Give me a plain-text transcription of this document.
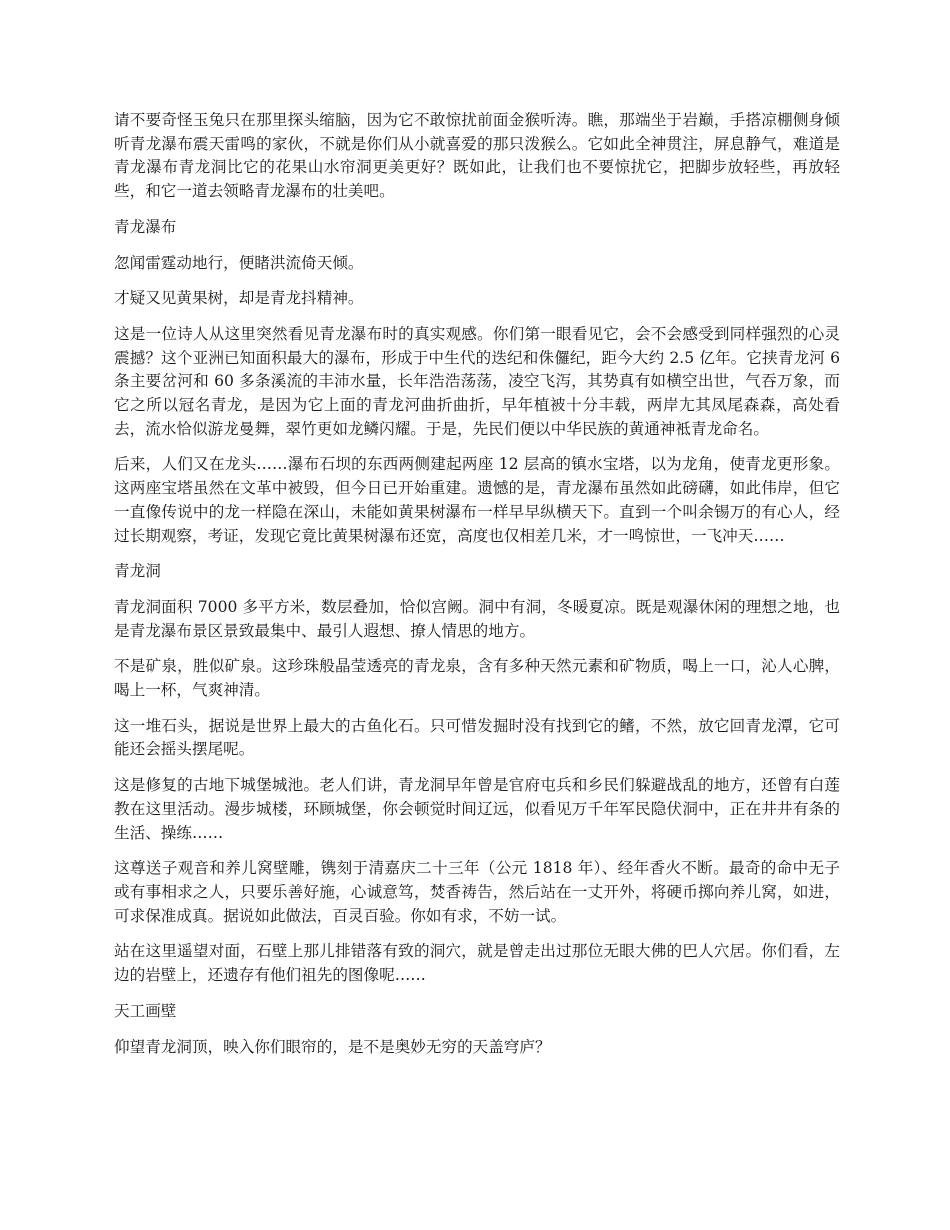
请不要奇怪玉兔只在那里探头缩脑，因为它不敢惊扰前面金猴听涛。瞧，那端坐于岩巅，手搭凉棚侧身倾听青龙瀑布震天雷鸣的家伙，不就是你们从小就喜爱的那只泼猴么。它如此全神贯注，屏息静气，难道是青龙瀑布青龙洞比它的花果山水帘洞更美更好？既如此，让我们也不要惊扰它，把脚步放轻些，再放轻些，和它一道去领略青龙瀑布的壮美吧。

青龙瀑布

忽闻雷霆动地行，便睹洪流倚天倾。

才疑又见黄果树，却是青龙抖精神。

这是一位诗人从这里突然看见青龙瀑布时的真实观感。你们第一眼看见它，会不会感受到同样强烈的心灵震撼？这个亚洲已知面积最大的瀑布，形成于中生代的迭纪和侏儸纪，距今大约 2.5 亿年。它挟青龙河 6 条主要岔河和 60 多条溪流的丰沛水量，长年浩浩荡荡，凌空飞泻，其势真有如横空出世，气吞万象，而它之所以冠名青龙，是因为它上面的青龙河曲折曲折，早年植被十分丰载，两岸尢其凤尾森森，高处看去，流水恰似游龙曼舞，翠竹更如龙鳞闪耀。于是，先民们便以中华民族的黄通神袛青龙命名。

后来，人们又在龙头……瀑布石坝的东西两侧建起两座 12 层高的镇水宝塔，以为龙角，使青龙更形象。这两座宝塔虽然在文革中被毁，但今日已开始重建。遗憾的是，青龙瀑布虽然如此磅礴，如此伟岸，但它一直像传说中的龙一样隐在深山，未能如黄果树瀑布一样早早纵横天下。直到一个叫余锡万的有心人，经过长期观察，考证，发现它竟比黄果树瀑布还宽，高度也仅相差几米，才一鸣惊世，一飞冲天……

青龙洞

青龙洞面积 7000 多平方米，数层叠加，恰似宫阙。洞中有洞，冬暖夏凉。既是观瀑休闲的理想之地，也是青龙瀑布景区景致最集中、最引人遐想、撩人情思的地方。

不是矿泉，胜似矿泉。这珍珠般晶莹透亮的青龙泉，含有多种天然元素和矿物质，喝上一口，沁人心脾，喝上一杯，气爽神清。

这一堆石头，据说是世界上最大的古鱼化石。只可惜发掘时没有找到它的鳍，不然，放它回青龙潭，它可能还会摇头摆尾呢。

这是修复的古地下城堡城池。老人们讲，青龙洞早年曾是官府屯兵和乡民们躲避战乱的地方，还曾有白莲教在这里活动。漫步城楼，环顾城堡，你会顿觉时间辽远，似看见万千年军民隐伏洞中，正在井井有条的生活、操练……

这尊送子观音和养儿窝壁雕，镌刻于清嘉庆二十三年（公元 1818 年）、经年香火不断。最奇的命中无子或有事相求之人，只要乐善好施，心诚意笃，焚香祷告，然后站在一丈开外，将硬币掷向养儿窝，如进，可求保准成真。据说如此做法，百灵百验。你如有求，不妨一试。

站在这里遥望对面，石壁上那儿排错落有致的洞穴，就是曾走出过那位无眼大佛的巴人穴居。你们看，左边的岩壁上，还遗存有他们祖先的图像呢……

天工画壁

仰望青龙洞顶，映入你们眼帘的，是不是奥妙无穷的天盖穹庐？
